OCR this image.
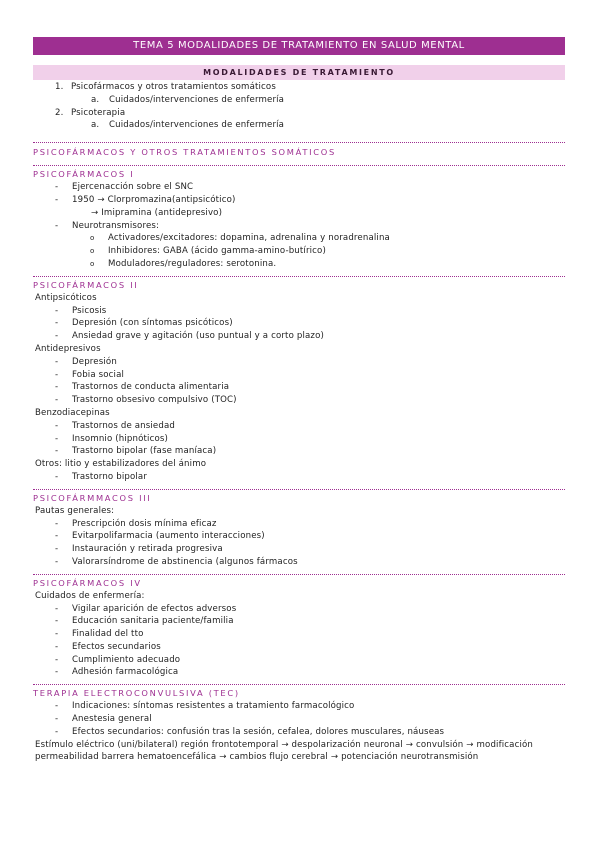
TEMA 5 MODALIDADES DE TRATAMIENTO EN SALUD MENTAL
MODALIDADES DE TRATAMIENTO
1. Psicofármacos y otros tratamientos somáticos
a. Cuidados/intervenciones de enfermería
2. Psicoterapia
a. Cuidados/intervenciones de enfermería
PSICOFÁRMACOS Y OTROS TRATAMIENTOS SOMÁTICOS
PSICOFÁRMACOS I
- Ejercenacción sobre el SNC
- 1950 → Clorpromazina(antipsicótico)
→ Imipramina (antidepresivo)
- Neurotransmisores:
o Activadores/excitadores: dopamina, adrenalina y noradrenalina
o Inhibidores: GABA (ácido gamma-amino-butírico)
o Moduladores/reguladores: serotonina.
PSICOFÁRMACOS II
Antipsicóticos
- Psicosis
- Depresión (con síntomas psicóticos)
- Ansiedad grave y agitación (uso puntual y a corto plazo)
Antidepresivos
- Depresión
- Fobia social
- Trastornos de conducta alimentaria
- Trastorno obsesivo compulsivo (TOC)
Benzodiacepinas
- Trastornos de ansiedad
- Insomnio (hipnóticos)
- Trastorno bipolar (fase maníaca)
Otros: litio y estabilizadores del ánimo
- Trastorno bipolar
PSICOFÁRMMACOS III
Pautas generales:
- Prescripción dosis mínima eficaz
- Evitarpolifarmacia (aumento interacciones)
- Instauración y retirada progresiva
- Valorarsíndrome de abstinencia (algunos fármacos
PSICOFÁRMACOS IV
Cuidados de enfermería:
- Vigilar aparición de efectos adversos
- Educación sanitaria paciente/familia
- Finalidad del tto
- Efectos secundarios
- Cumplimiento adecuado
- Adhesión farmacológica
TERAPIA ELECTROCONVULSIVA (TEC)
- Indicaciones: síntomas resistentes a tratamiento farmacológico
- Anestesia general
- Efectos secundarios: confusión tras la sesión, cefalea, dolores musculares, náuseas
Estímulo eléctrico (uni/bilateral) región frontotemporal → despolarización neuronal → convulsión → modificación
permeabilidad barrera hematoencefálica → cambios flujo cerebral → potenciación neurotransmisión
